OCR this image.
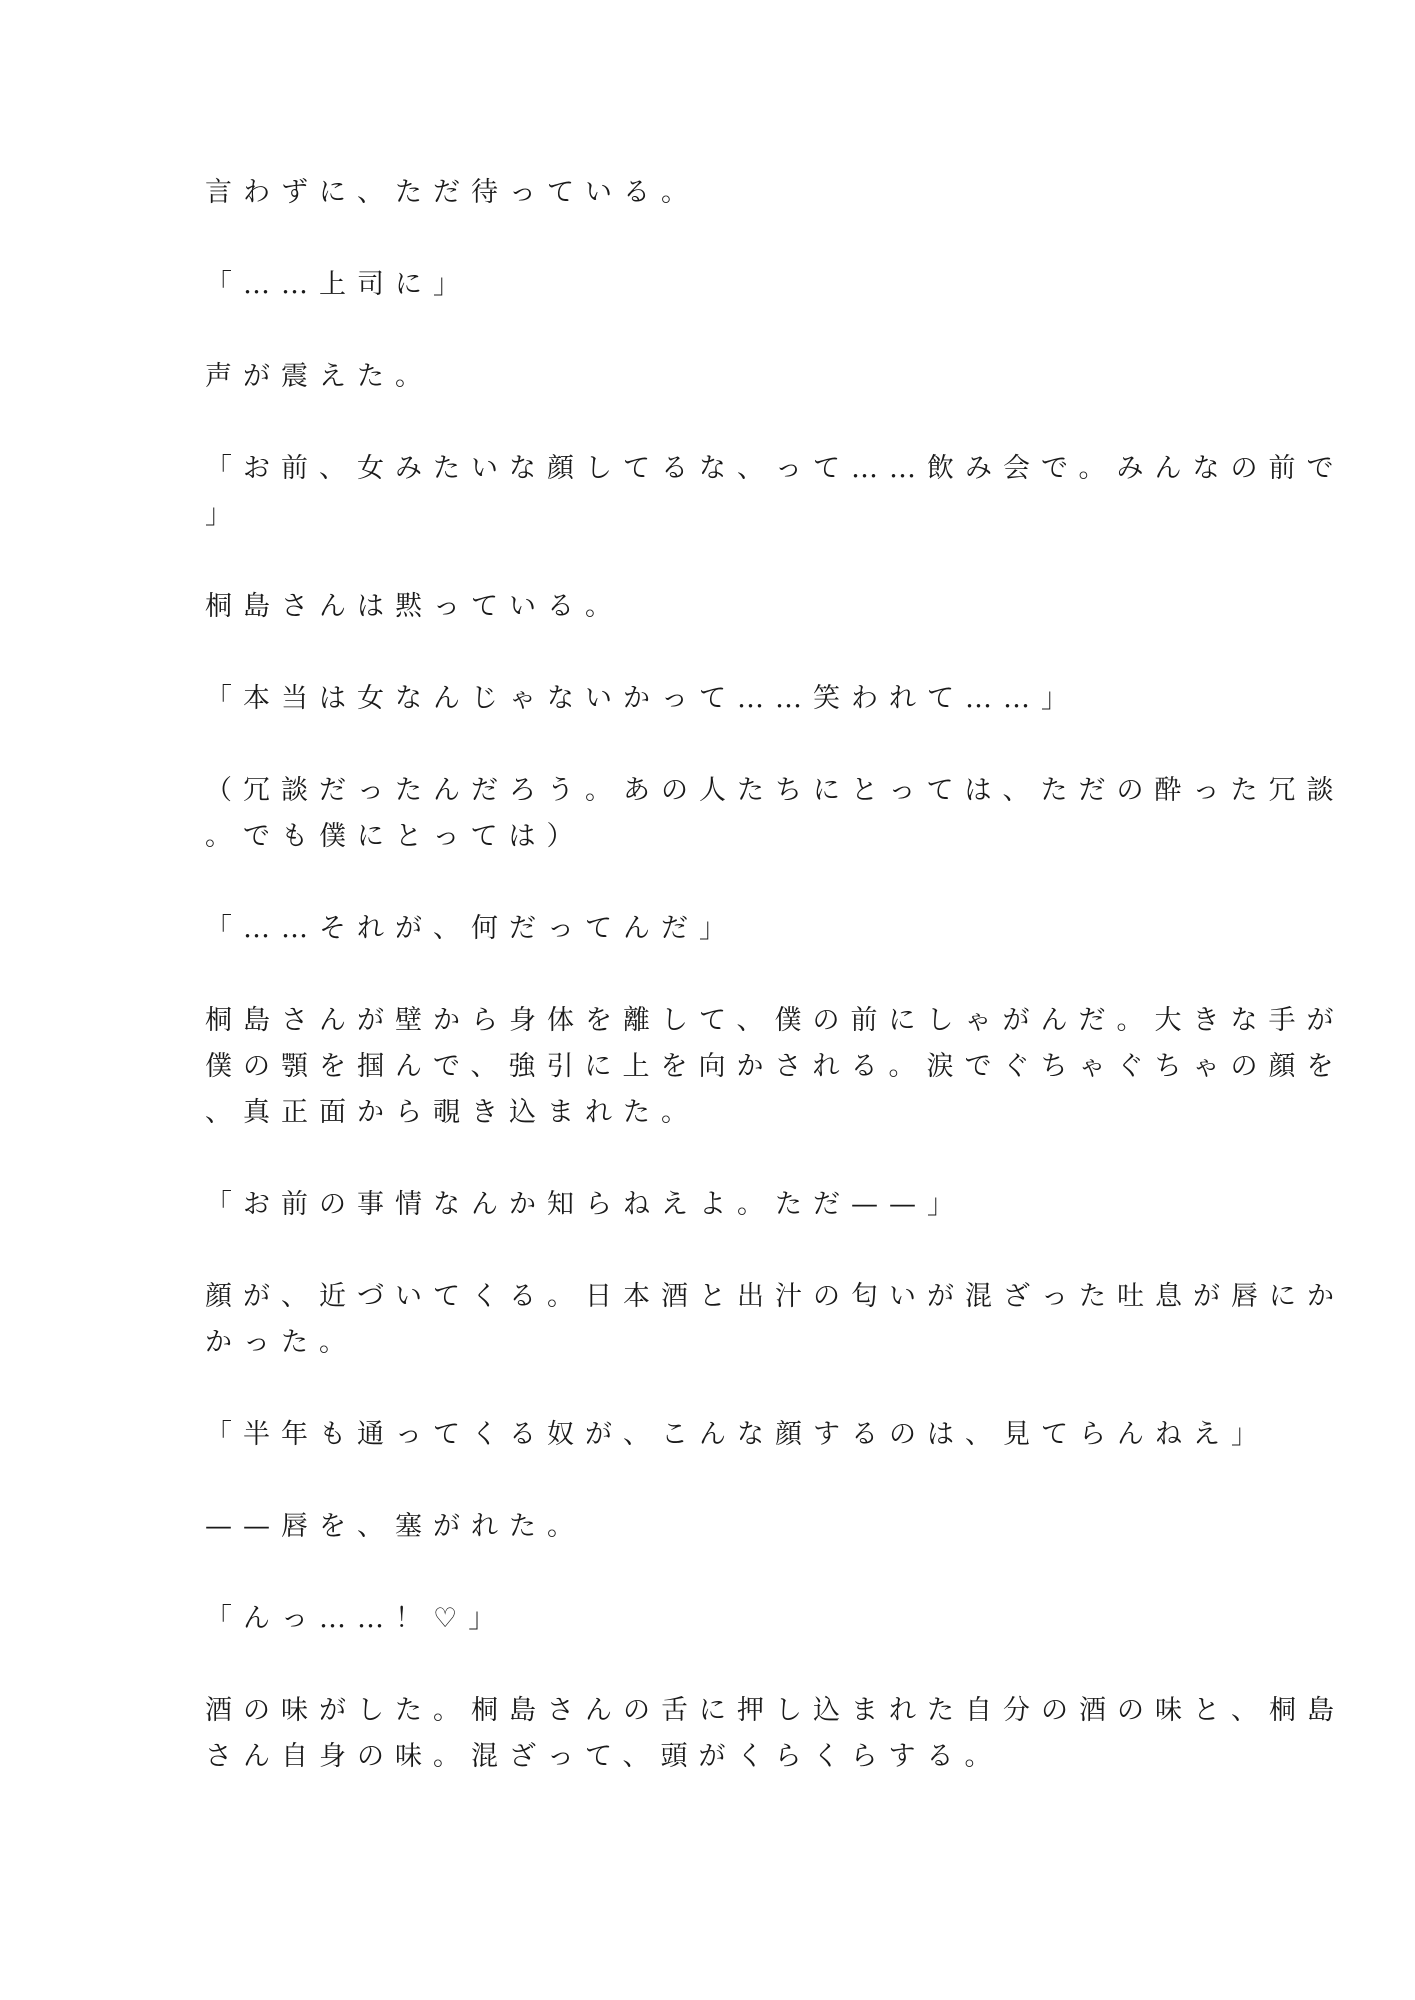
言わずに、ただ待っている。
「……上司に」
声が震えた。
「お前、女みたいな顔してるな、って……飲み会で。みんなの前で
」
桐島さんは黙っている。
「本当は女なんじゃないかって……笑われて……」
（冗談だったんだろう。あの人たちにとっては、ただの酔った冗談
。でも僕にとっては）
「……それが、何だってんだ」
桐島さんが壁から身体を離して、僕の前にしゃがんだ。大きな手が
僕の顎を掴んで、強引に上を向かされる。涙でぐちゃぐちゃの顔を
、真正面から覗き込まれた。
「お前の事情なんか知らねえよ。ただ——」
顔が、近づいてくる。日本酒と出汁の匂いが混ざった吐息が唇にか
かった。
「半年も通ってくる奴が、こんな顔するのは、見てらんねえ」
——唇を、塞がれた。
「んっ……！♡」
酒の味がした。桐島さんの舌に押し込まれた自分の酒の味と、桐島
さん自身の味。混ざって、頭がくらくらする。
